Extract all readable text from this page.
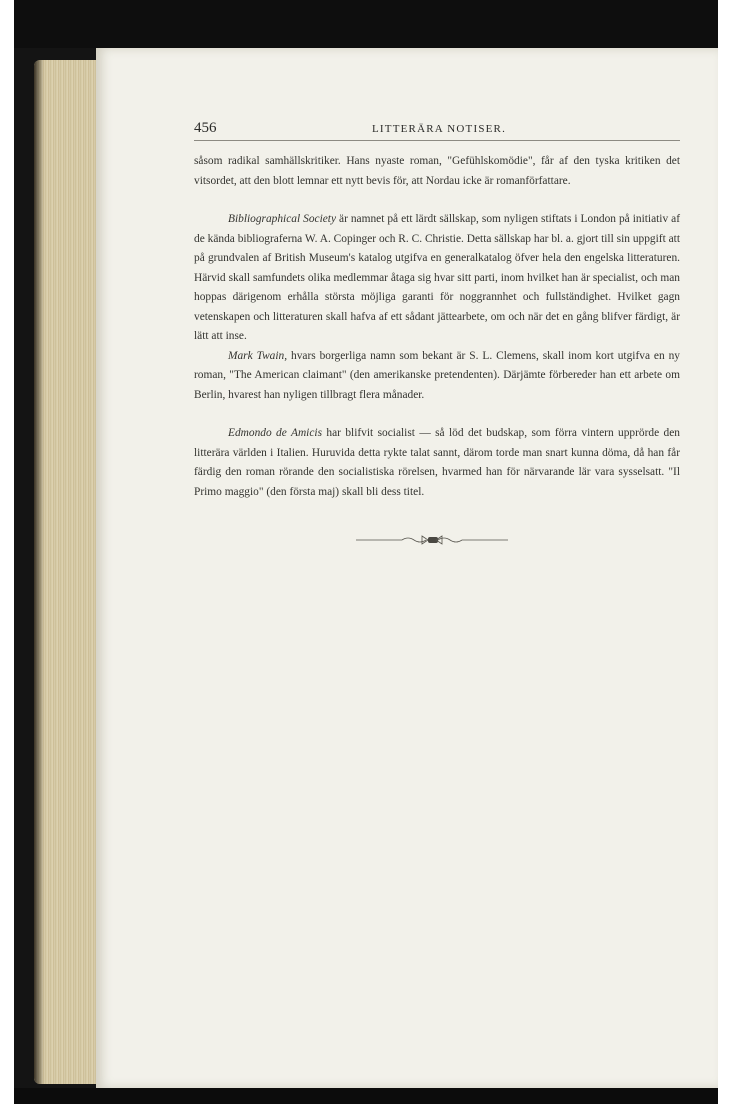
456	LITTERÄRA NOTISER.

såsom radikal samhällskritiker. Hans nyaste roman, "Gefühlskomödie", får af den tyska kritiken det vitsordet, att den blott lemnar ett nytt bevis för, att Nordau icke är romanförfattare.

Bibliographical Society är namnet på ett lärdt sällskap, som nyligen stiftats i London på initiativ af de kända bibliograferna W. A. Copinger och R. C. Christie. Detta sällskap har bl. a. gjort till sin uppgift att på grundvalen af British Museum's katalog utgifva en generalkatalog öfver hela den engelska litteraturen. Härvid skall samfundets olika medlemmar åtaga sig hvar sitt parti, inom hvilket han är specialist, och man hoppas därigenom erhålla största möjliga garanti för noggrannhet och fullständighet. Hvilket gagn vetenskapen och litteraturen skall hafva af ett sådant jättearbete, om och när det en gång blifver färdigt, är lätt att inse.

Mark Twain, hvars borgerliga namn som bekant är S. L. Clemens, skall inom kort utgifva en ny roman, "The American claimant" (den amerikanske pretendenten). Därjämte förbereder han ett arbete om Berlin, hvarest han nyligen tillbragt flera månader.

Edmondo de Amicis har blifvit socialist — så löd det budskap, som förra vintern upprörde den litterära världen i Italien. Huruvida detta rykte talat sannt, därom torde man snart kunna döma, då han får färdig den roman rörande den socialistiska rörelsen, hvarmed han för närvarande lär vara sysselsatt. "Il Primo maggio" (den första maj) skall bli dess titel.
